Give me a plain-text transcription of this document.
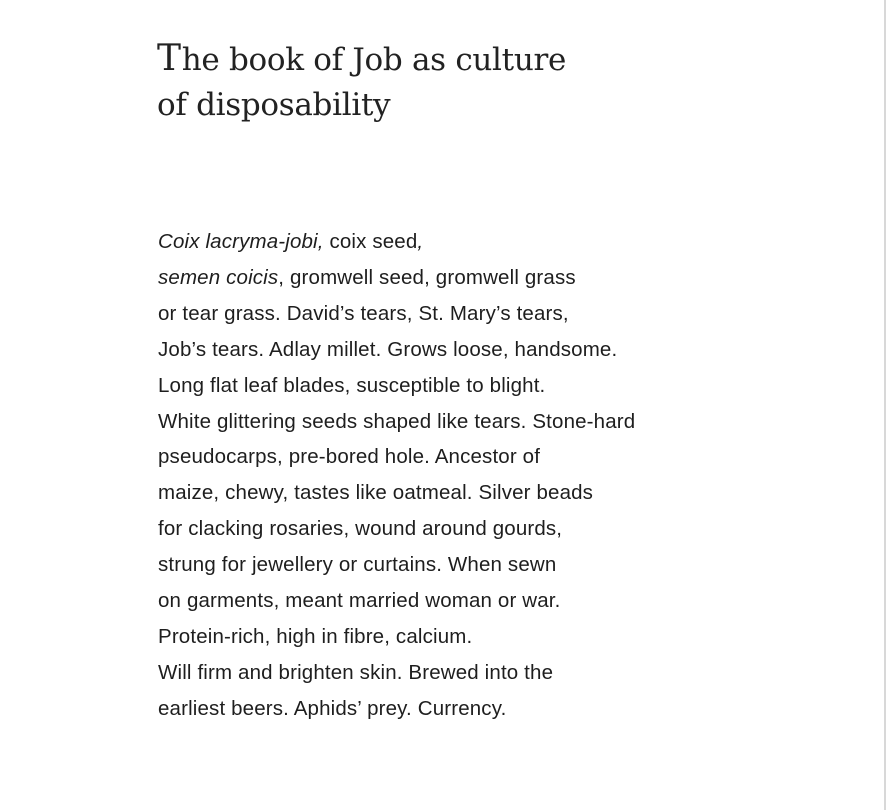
The book of Job as culture
of disposability

Coix lacryma-jobi, coix seed,

semen coicis, gromwell seed, gromwell grass

or tear grass. David’s tears, St. Mary’s tears,

Job’s tears. Adlay millet. Grows loose, handsome.

Long flat leaf blades, susceptible to blight.

White glittering seeds shaped like tears. Stone-hard

pseudocarps, pre-bored hole. Ancestor of

maize, chewy, tastes like oatmeal. Silver beads

for clacking rosaries, wound around gourds,

strung for jewellery or curtains. When sewn

on garments, meant married woman or war.

Protein-rich, high in fibre, calcium.

Will firm and brighten skin. Brewed into the

earliest beers. Aphids’ prey. Currency.
